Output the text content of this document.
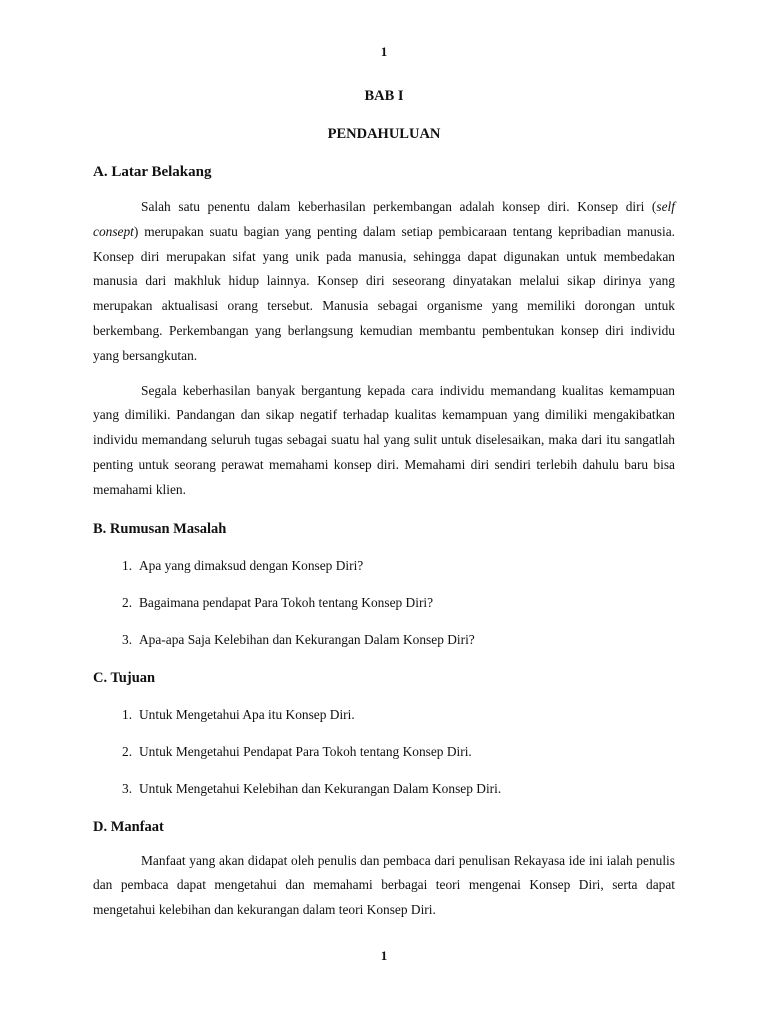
1
BAB I
PENDAHULUAN
A. Latar Belakang

Salah satu penentu dalam keberhasilan perkembangan adalah konsep diri. Konsep diri (self consept) merupakan suatu bagian yang penting dalam setiap pembicaraan tentang kepribadian manusia. Konsep diri merupakan sifat yang unik pada manusia, sehingga dapat digunakan untuk membedakan manusia dari makhluk hidup lainnya. Konsep diri seseorang dinyatakan melalui sikap dirinya yang merupakan aktualisasi orang tersebut. Manusia sebagai organisme yang memiliki dorongan untuk berkembang. Perkembangan yang berlangsung kemudian membantu pembentukan konsep diri individu yang bersangkutan.

Segala keberhasilan banyak bergantung kepada cara individu memandang kualitas kemampuan yang dimiliki. Pandangan dan sikap negatif terhadap kualitas kemampuan yang dimiliki mengakibatkan individu memandang seluruh tugas sebagai suatu hal yang sulit untuk diselesaikan, maka dari itu sangatlah penting untuk seorang perawat memahami konsep diri. Memahami diri sendiri terlebih dahulu baru bisa memahami klien.

B. Rumusan Masalah
1. Apa yang dimaksud dengan Konsep Diri?
2. Bagaimana pendapat Para Tokoh tentang Konsep Diri?
3. Apa-apa Saja Kelebihan dan Kekurangan Dalam Konsep Diri?
C. Tujuan
1. Untuk Mengetahui Apa itu Konsep Diri.
2. Untuk Mengetahui Pendapat Para Tokoh tentang Konsep Diri.
3. Untuk Mengetahui Kelebihan dan Kekurangan Dalam Konsep Diri.
D. Manfaat

Manfaat yang akan didapat oleh penulis dan pembaca dari penulisan Rekayasa ide ini ialah penulis dan pembaca dapat mengetahui dan memahami berbagai teori mengenai Konsep Diri, serta dapat mengetahui kelebihan dan kekurangan dalam teori Konsep Diri.

1
